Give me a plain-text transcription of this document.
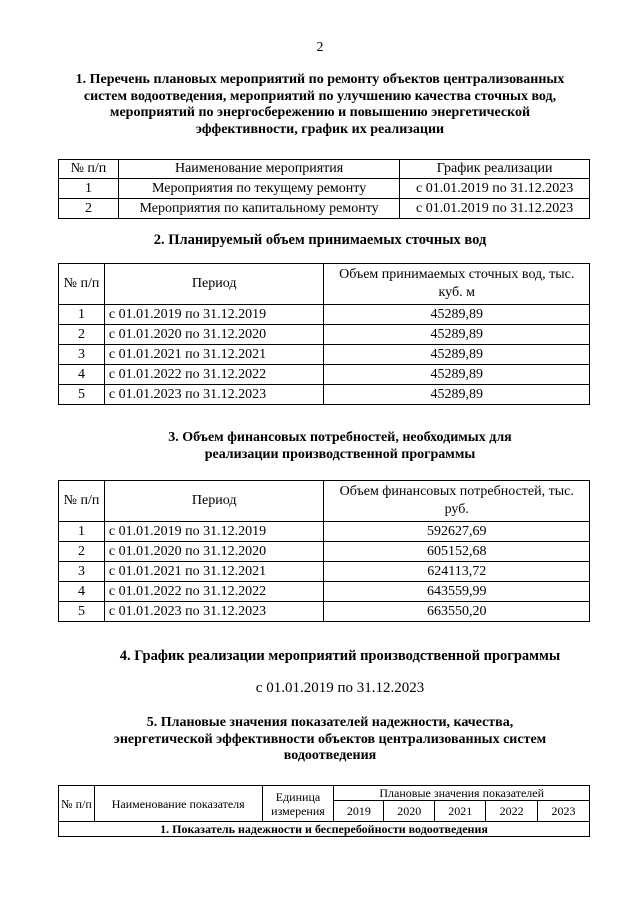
2
1. Перечень плановых мероприятий по ремонту объектов централизованных систем водоотведения, мероприятий по улучшению качества сточных вод, мероприятий по энергосбережению и повышению энергетической эффективности, график их реализации
№ п/п	Наименование мероприятия	График реализации
1	Мероприятия по текущему ремонту	с 01.01.2019 по 31.12.2023
2	Мероприятия по капитальному ремонту	с 01.01.2019 по 31.12.2023
2. Планируемый объем принимаемых сточных вод
№ п/п	Период	Объем принимаемых сточных вод, тыс. куб. м
1	с 01.01.2019 по 31.12.2019	45289,89
2	с 01.01.2020 по 31.12.2020	45289,89
3	с 01.01.2021 по 31.12.2021	45289,89
4	с 01.01.2022 по 31.12.2022	45289,89
5	с 01.01.2023 по 31.12.2023	45289,89
3. Объем финансовых потребностей, необходимых для реализации производственной программы
№ п/п	Период	Объем финансовых потребностей, тыс. руб.
1	с 01.01.2019 по 31.12.2019	592627,69
2	с 01.01.2020 по 31.12.2020	605152,68
3	с 01.01.2021 по 31.12.2021	624113,72
4	с 01.01.2022 по 31.12.2022	643559,99
5	с 01.01.2023 по 31.12.2023	663550,20
4. График реализации мероприятий производственной программы
с 01.01.2019 по 31.12.2023
5. Плановые значения показателей надежности, качества, энергетической эффективности объектов централизованных систем водоотведения
№ п/п	Наименование показателя	Единица измерения	Плановые значения показателей				
			2019	2020	2021	2022	2023
1. Показатель надежности и бесперебойности водоотведения							
